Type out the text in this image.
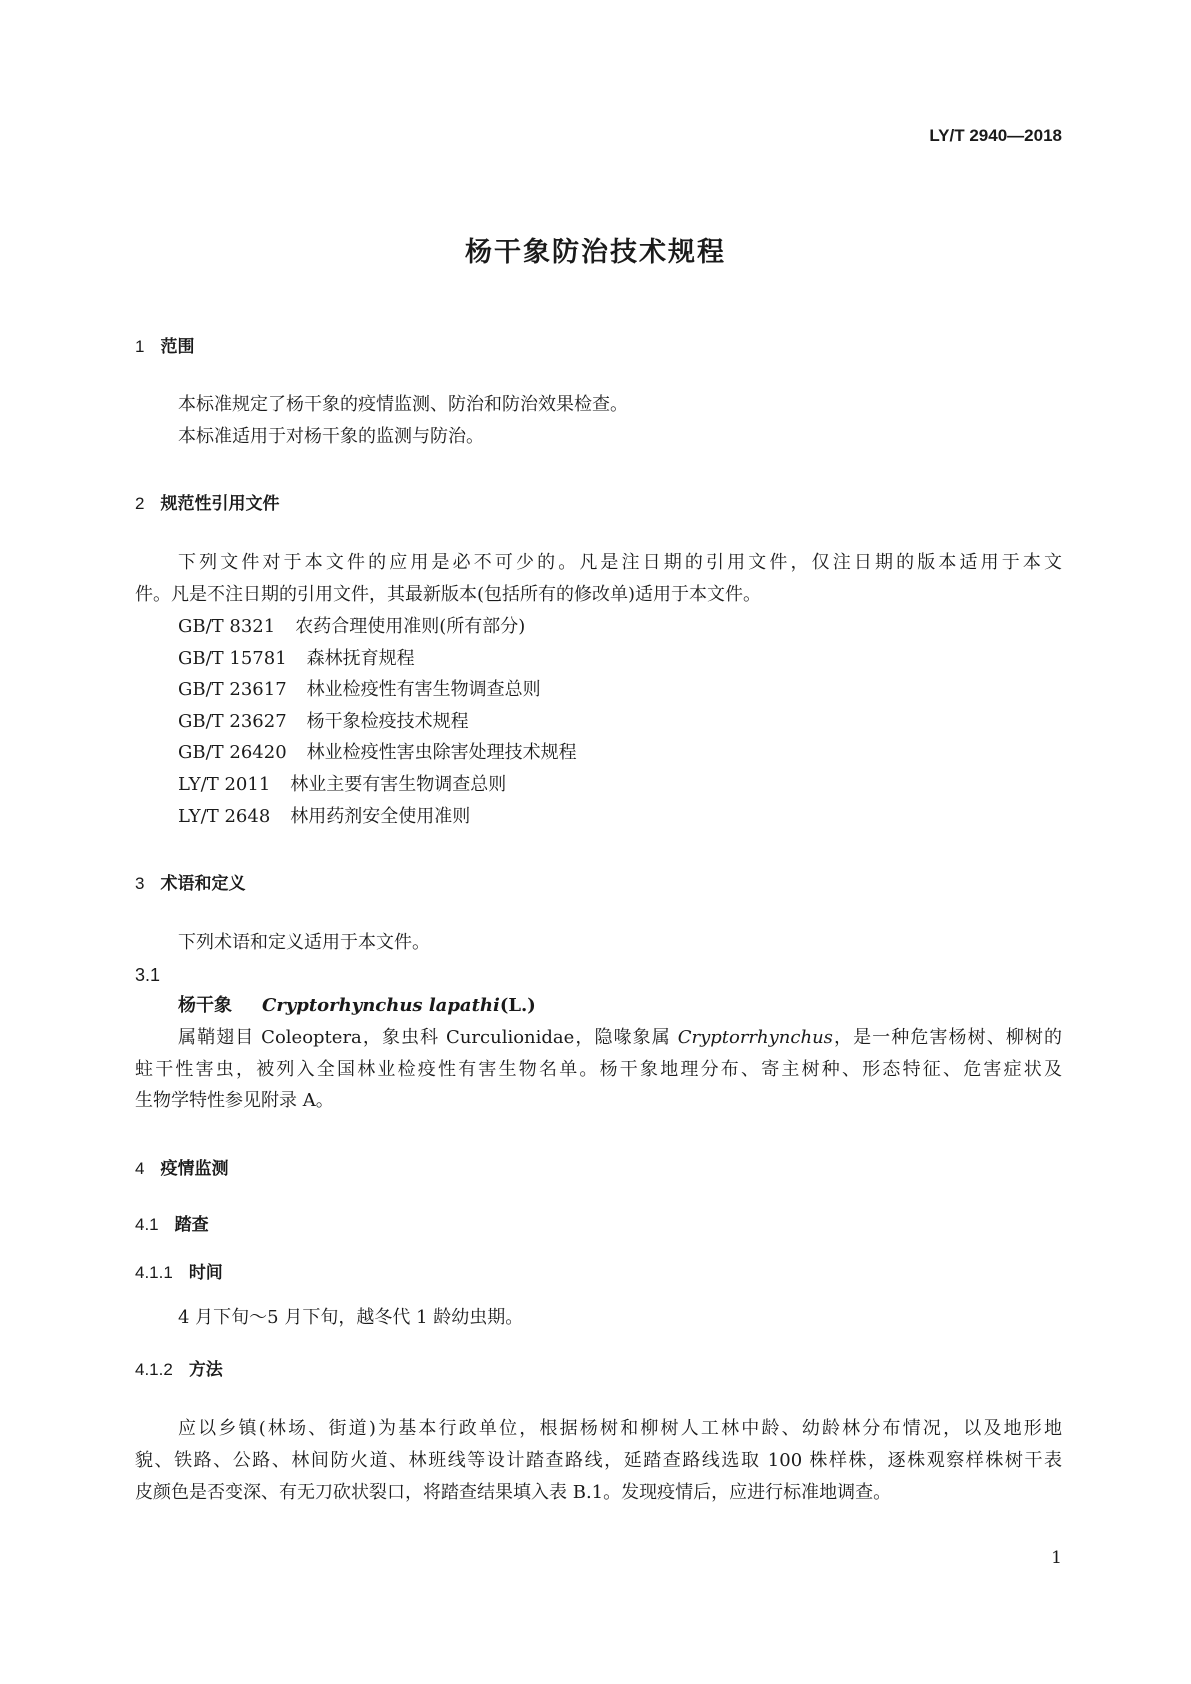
LY/T 2940—2018
杨干象防治技术规程
1 范围
本标准规定了杨干象的疫情监测、防治和防治效果检查。
本标准适用于对杨干象的监测与防治。
2 规范性引用文件
下列文件对于本文件的应用是必不可少的。凡是注日期的引用文件，仅注日期的版本适用于本文
件。凡是不注日期的引用文件，其最新版本(包括所有的修改单)适用于本文件。
GB/T 8321 农药合理使用准则(所有部分)
GB/T 15781 森林抚育规程
GB/T 23617 林业检疫性有害生物调查总则
GB/T 23627 杨干象检疫技术规程
GB/T 26420 林业检疫性害虫除害处理技术规程
LY/T 2011 林业主要有害生物调查总则
LY/T 2648 林用药剂安全使用准则
3 术语和定义
下列术语和定义适用于本文件。
3.1
杨干象 Cryptorhynchus lapathi(L.)
属鞘翅目 Coleoptera，象虫科 Curculionidae，隐喙象属 Cryptorrhynchus，是一种危害杨树、柳树的
蛀干性害虫，被列入全国林业检疫性有害生物名单。杨干象地理分布、寄主树种、形态特征、危害症状及
生物学特性参见附录 A。
4 疫情监测
4.1 踏查
4.1.1 时间
4 月下旬～5 月下旬，越冬代 1 龄幼虫期。
4.1.2 方法
应以乡镇(林场、街道)为基本行政单位，根据杨树和柳树人工林中龄、幼龄林分布情况，以及地形地
貌、铁路、公路、林间防火道、林班线等设计踏查路线，延踏查路线选取 100 株样株，逐株观察样株树干表
皮颜色是否变深、有无刀砍状裂口，将踏查结果填入表 B.1。发现疫情后，应进行标准地调查。
1
